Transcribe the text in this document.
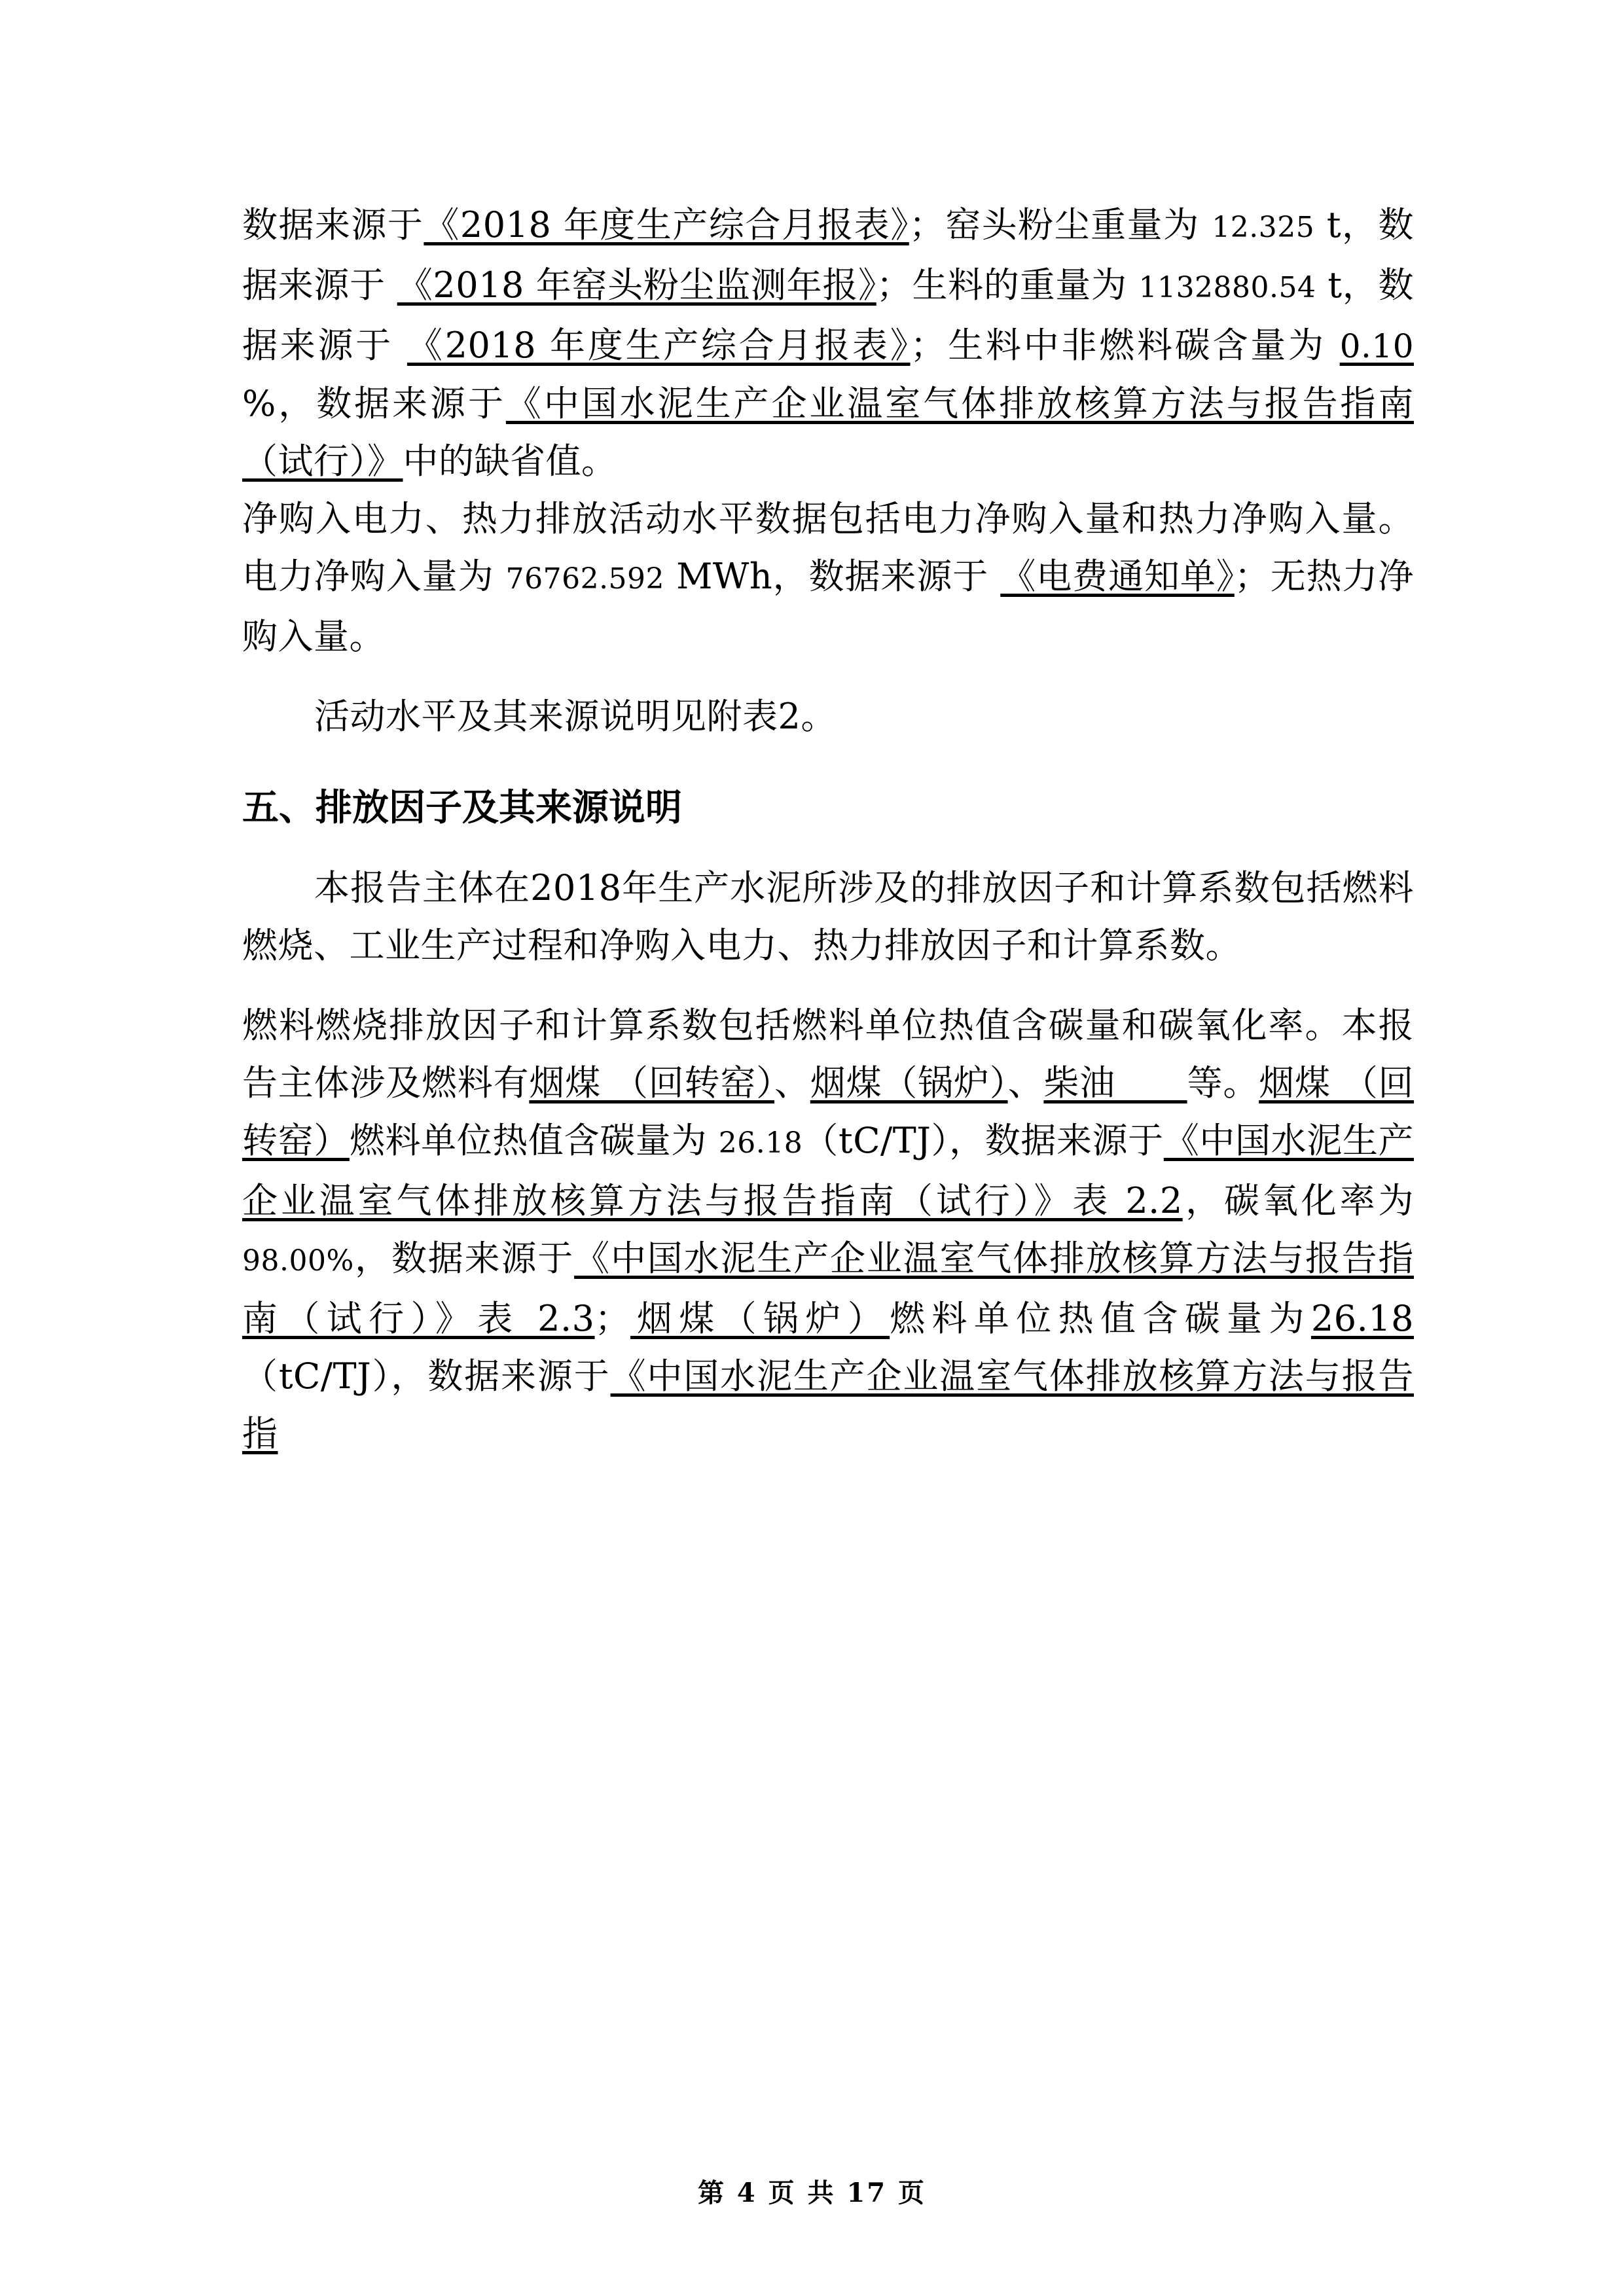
数据来源于《2018 年度生产综合月报表》；窑头粉尘重量为 12.325 t，数据来源于 《2018 年窑头粉尘监测年报》；生料的重量为 1132880.54 t，数据来源于 《2018 年度生产综合月报表》；生料中非燃料碳含量为 0.10 %，数据来源于《中国水泥生产企业温室气体排放核算方法与报告指南（试行）》中的缺省值。

净购入电力、热力排放活动水平数据包括电力净购入量和热力净购入量。电力净购入量为 76762.592 MWh，数据来源于 《电费通知单》；无热力净购入量。

活动水平及其来源说明见附表2。

五、排放因子及其来源说明

本报告主体在2018年生产水泥所涉及的排放因子和计算系数包括燃料燃烧、工业生产过程和净购入电力、热力排放因子和计算系数。

燃料燃烧排放因子和计算系数包括燃料单位热值含碳量和碳氧化率。本报告主体涉及燃料有烟煤 （回转窑）、烟煤（锅炉）、柴油　　等。烟煤 （回转窑）燃料单位热值含碳量为 26.18（tC/TJ），数据来源于《中国水泥生产企业温室气体排放核算方法与报告指南（试行）》表 2.2，碳氧化率为 98.00%，数据来源于《中国水泥生产企业温室气体排放核算方法与报告指南（试行）》表 2.3；烟煤（锅炉）燃料单位热值含碳量为26.18（tC/TJ），数据来源于《中国水泥生产企业温室气体排放核算方法与报告指

第 4 页 共 17 页
